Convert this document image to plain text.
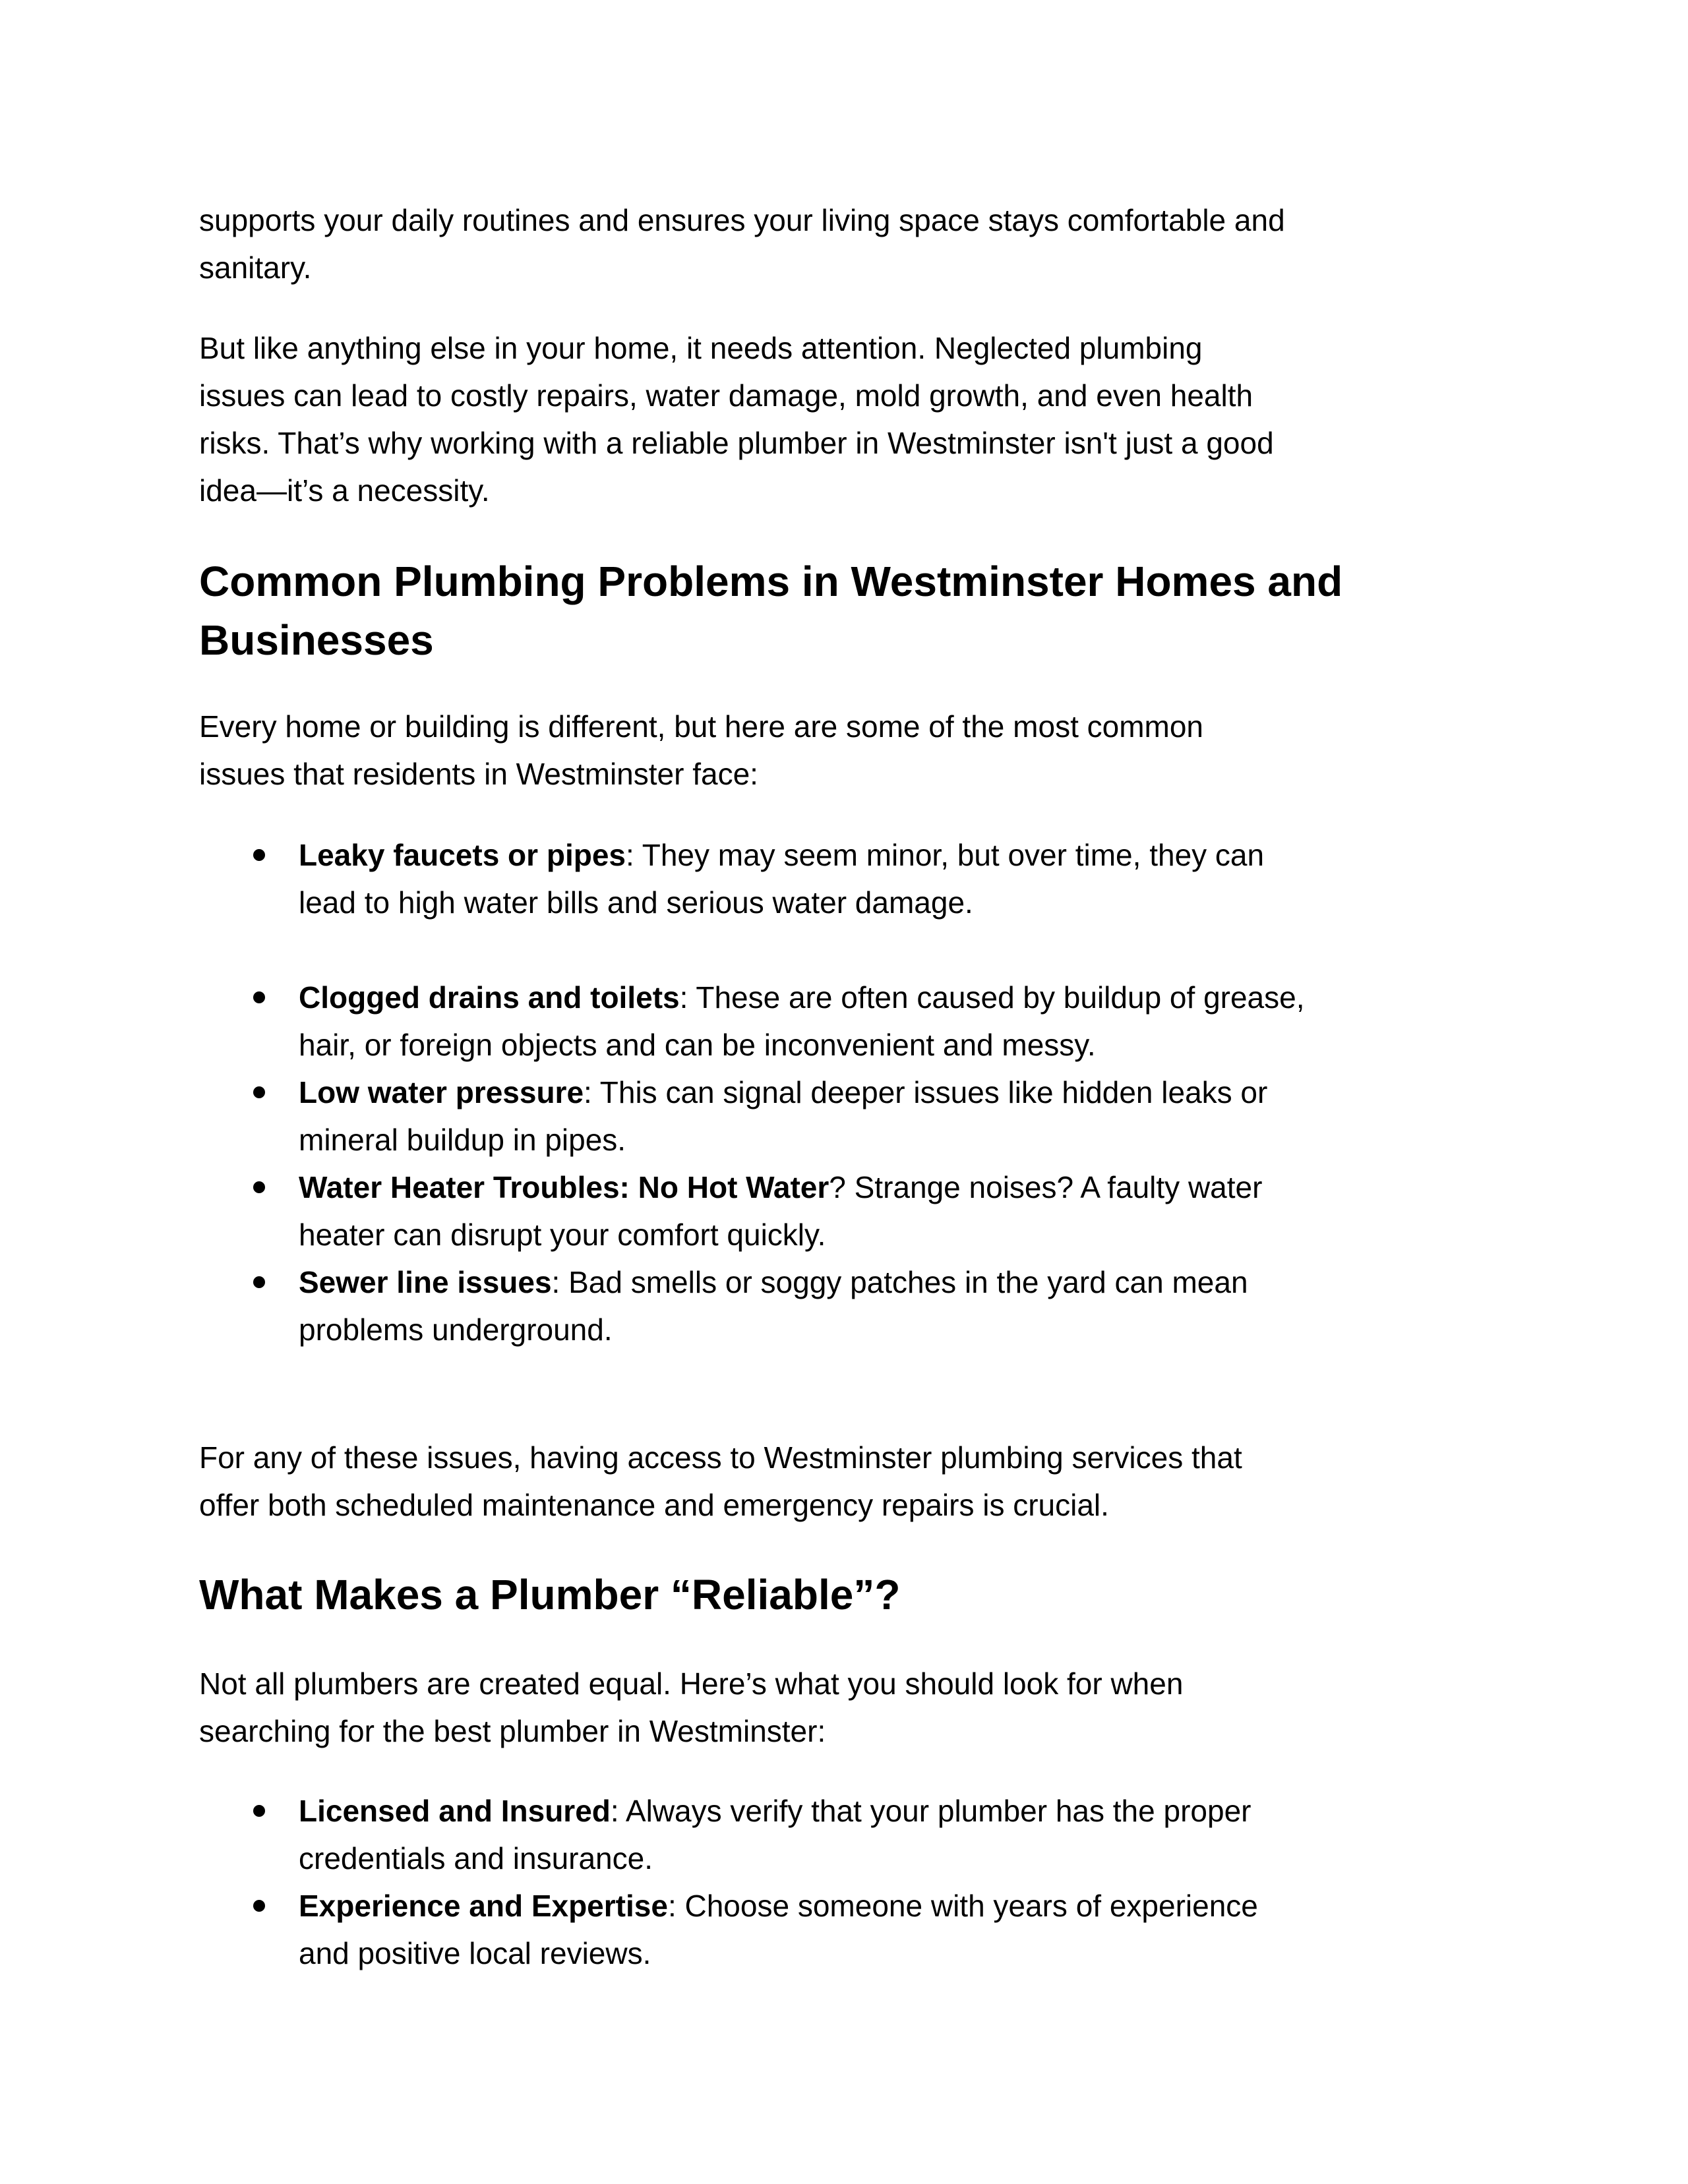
supports your daily routines and ensures your living space stays comfortable and
sanitary.
But like anything else in your home, it needs attention. Neglected plumbing
issues can lead to costly repairs, water damage, mold growth, and even health
risks. That’s why working with a reliable plumber in Westminster isn't just a good
idea—it’s a necessity.
Common Plumbing Problems in Westminster Homes and
Businesses
Every home or building is different, but here are some of the most common
issues that residents in Westminster face:
Leaky faucets or pipes: They may seem minor, but over time, they can
lead to high water bills and serious water damage.
Clogged drains and toilets: These are often caused by buildup of grease,
hair, or foreign objects and can be inconvenient and messy.
Low water pressure: This can signal deeper issues like hidden leaks or
mineral buildup in pipes.
Water Heater Troubles: No Hot Water? Strange noises? A faulty water
heater can disrupt your comfort quickly.
Sewer line issues: Bad smells or soggy patches in the yard can mean
problems underground.
For any of these issues, having access to Westminster plumbing services that
offer both scheduled maintenance and emergency repairs is crucial.
What Makes a Plumber “Reliable”?
Not all plumbers are created equal. Here’s what you should look for when
searching for the best plumber in Westminster:
Licensed and Insured: Always verify that your plumber has the proper
credentials and insurance.
Experience and Expertise: Choose someone with years of experience
and positive local reviews.
